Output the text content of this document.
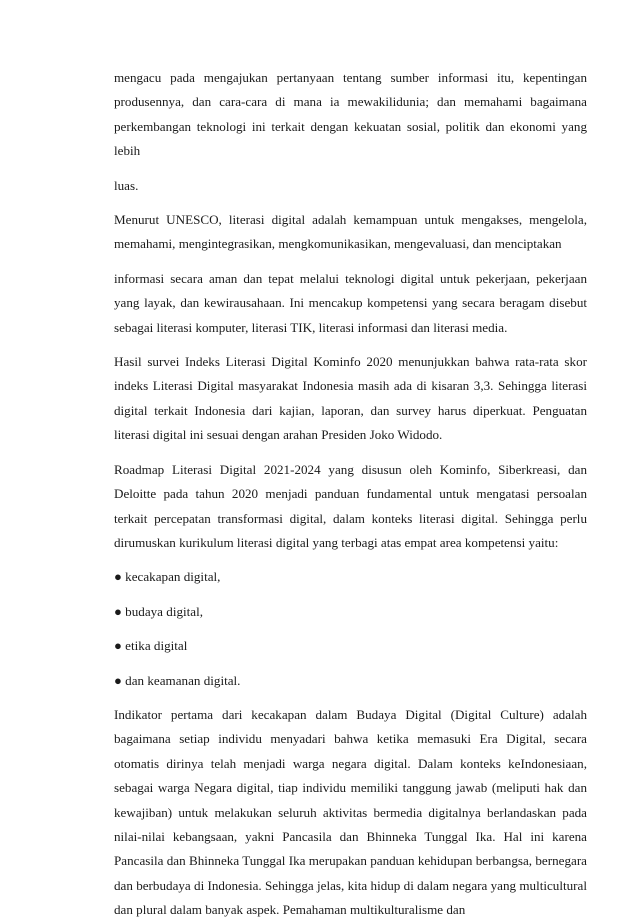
mengacu pada mengajukan pertanyaan tentang sumber informasi itu, kepentingan produsennya, dan cara-cara di mana ia mewakilidunia; dan memahami bagaimana perkembangan teknologi ini terkait dengan kekuatan sosial, politik dan ekonomi yang lebih

luas.

Menurut UNESCO, literasi digital adalah kemampuan untuk mengakses, mengelola, memahami, mengintegrasikan, mengkomunikasikan, mengevaluasi, dan menciptakan

informasi secara aman dan tepat melalui teknologi digital untuk pekerjaan, pekerjaan yang layak, dan kewirausahaan. Ini mencakup kompetensi yang secara beragam disebut sebagai literasi komputer, literasi TIK, literasi informasi dan literasi media.

Hasil survei Indeks Literasi Digital Kominfo 2020 menunjukkan bahwa rata-rata skor indeks Literasi Digital masyarakat Indonesia masih ada di kisaran 3,3. Sehingga literasi digital terkait Indonesia dari kajian, laporan, dan survey harus diperkuat. Penguatan literasi digital ini sesuai dengan arahan Presiden Joko Widodo.

Roadmap Literasi Digital 2021-2024 yang disusun oleh Kominfo, Siberkreasi, dan Deloitte pada tahun 2020 menjadi panduan fundamental untuk mengatasi persoalan terkait percepatan transformasi digital, dalam konteks literasi digital. Sehingga perlu dirumuskan kurikulum literasi digital yang terbagi atas empat area kompetensi yaitu:

● kecakapan digital,

● budaya digital,

● etika digital

● dan keamanan digital.

Indikator pertama dari kecakapan dalam Budaya Digital (Digital Culture) adalah bagaimana setiap individu menyadari bahwa ketika memasuki Era Digital, secara otomatis dirinya telah menjadi warga negara digital. Dalam konteks keIndonesiaan, sebagai warga Negara digital, tiap individu memiliki tanggung jawab (meliputi hak dan kewajiban) untuk melakukan seluruh aktivitas bermedia digitalnya berlandaskan pada nilai-nilai kebangsaan, yakni Pancasila dan Bhinneka Tunggal Ika. Hal ini karena Pancasila dan Bhinneka Tunggal Ika merupakan panduan kehidupan berbangsa, bernegara dan berbudaya di Indonesia. Sehingga jelas, kita hidup di dalam negara yang multicultural dan plural dalam banyak aspek. Pemahaman multikulturalisme dan
